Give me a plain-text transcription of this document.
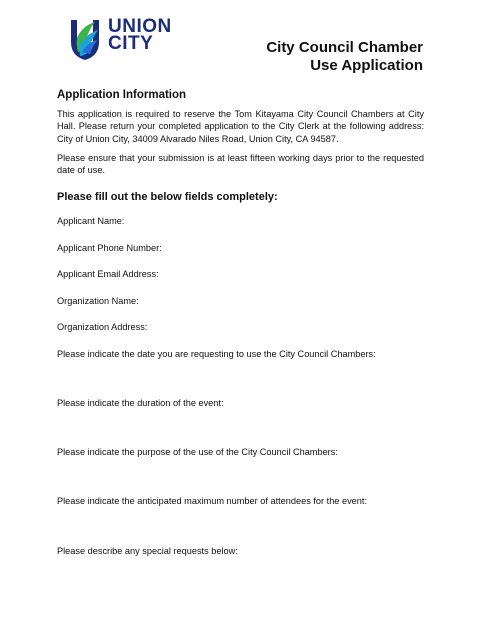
UNION
CITY	City Council Chamber
Use Application
Application Information

This application is required to reserve the Tom Kitayama City Council Chambers at City Hall. Please return your completed application to the City Clerk at the following address: City of Union City, 34009 Alvarado Niles Road, Union City, CA 94587.

Please ensure that your submission is at least fifteen working days prior to the requested date of use.

Please fill out the below fields completely:
Applicant Name:
Applicant Phone Number:
Applicant Email Address:
Organization Name:
Organization Address:
Please indicate the date you are requesting to use the City Council Chambers:
Please indicate the duration of the event:
Please indicate the purpose of the use of the City Council Chambers:
Please indicate the anticipated maximum number of attendees for the event:
Please describe any special requests below:
